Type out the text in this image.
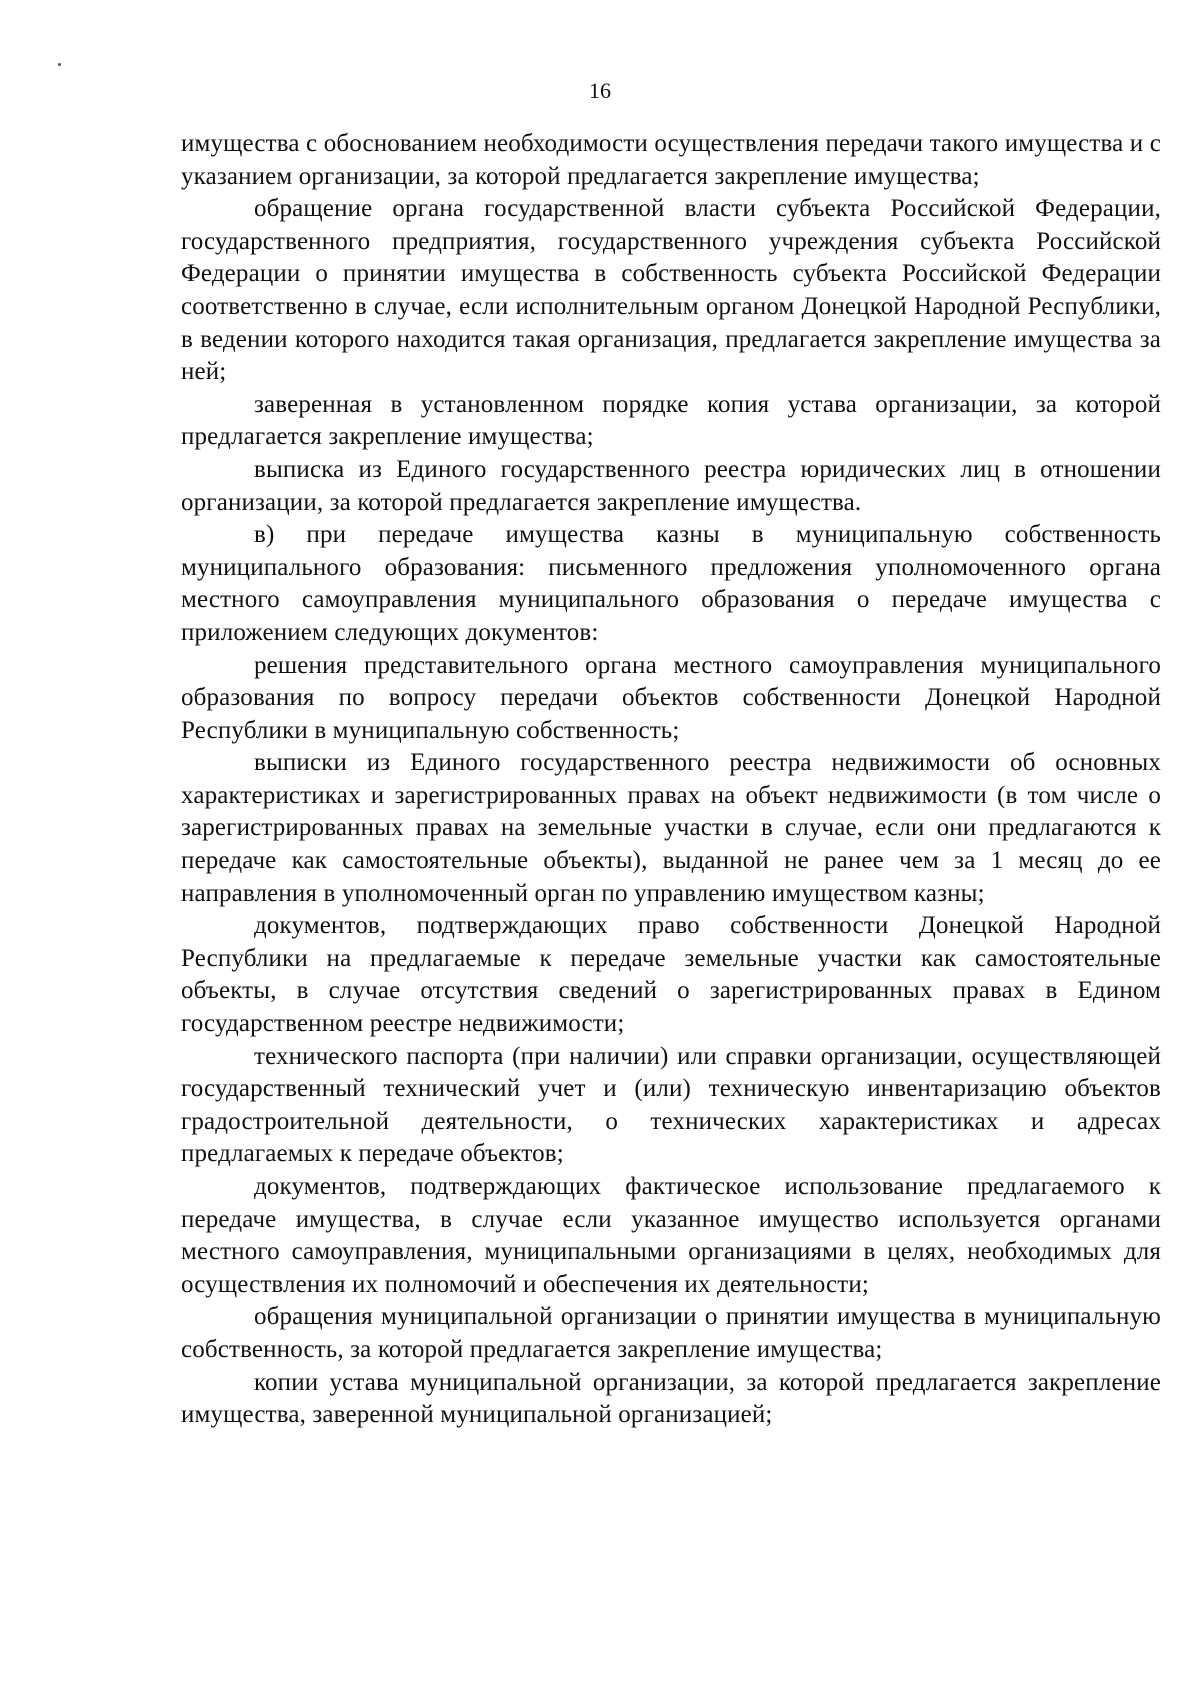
16

имущества с обоснованием необходимости осуществления передачи такого имущества и с указанием организации, за которой предлагается закрепление имущества;

обращение органа государственной власти субъекта Российской Федерации, государственного предприятия, государственного учреждения субъекта Российской Федерации о принятии имущества в собственность субъекта Российской Федерации соответственно в случае, если исполнительным органом Донецкой Народной Республики, в ведении которого находится такая организация, предлагается закрепление имущества за ней;

заверенная в установленном порядке копия устава организации, за которой предлагается закрепление имущества;

выписка из Единого государственного реестра юридических лиц в отношении организации, за которой предлагается закрепление имущества.

в) при передаче имущества казны в муниципальную собственность муниципального образования: письменного предложения уполномоченного органа местного самоуправления муниципального образования о передаче имущества с приложением следующих документов:

решения представительного органа местного самоуправления муниципального образования по вопросу передачи объектов собственности Донецкой Народной Республики в муниципальную собственность;

выписки из Единого государственного реестра недвижимости об основных характеристиках и зарегистрированных правах на объект недвижимости (в том числе о зарегистрированных правах на земельные участки в случае, если они предлагаются к передаче как самостоятельные объекты), выданной не ранее чем за 1 месяц до ее направления в уполномоченный орган по управлению имуществом казны;

документов, подтверждающих право собственности Донецкой Народной Республики на предлагаемые к передаче земельные участки как самостоятельные объекты, в случае отсутствия сведений о зарегистрированных правах в Едином государственном реестре недвижимости;

технического паспорта (при наличии) или справки организации, осуществляющей государственный технический учет и (или) техническую инвентаризацию объектов градостроительной деятельности, о технических характеристиках и адресах предлагаемых к передаче объектов;

документов, подтверждающих фактическое использование предлагаемого к передаче имущества, в случае если указанное имущество используется органами местного самоуправления, муниципальными организациями в целях, необходимых для осуществления их полномочий и обеспечения их деятельности;

обращения муниципальной организации о принятии имущества в муниципальную собственность, за которой предлагается закрепление имущества;

копии устава муниципальной организации, за которой предлагается закрепление имущества, заверенной муниципальной организацией;
